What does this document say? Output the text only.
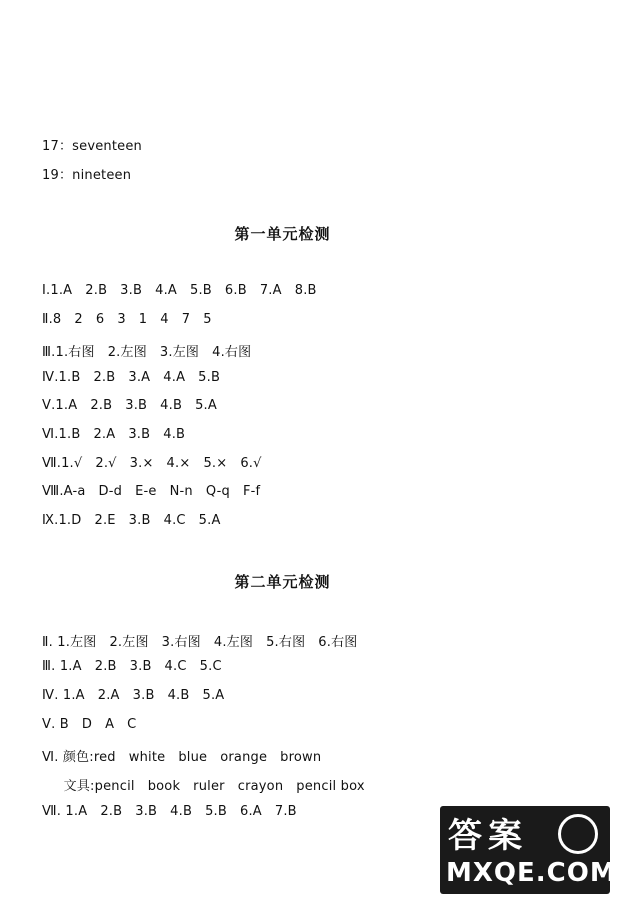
17：seventeen
19：nineteen
第一单元检测
Ⅰ.1.A   2.B   3.B   4.A   5.B   6.B   7.A   8.B
Ⅱ.8   2   6   3   1   4   7   5
Ⅲ.1.右图   2.左图   3.左图   4.右图
Ⅳ.1.B   2.B   3.A   4.A   5.B
Ⅴ.1.A   2.B   3.B   4.B   5.A
Ⅵ.1.B   2.A   3.B   4.B
Ⅶ.1.√   2.√   3.×   4.×   5.×   6.√
Ⅷ.A-a   D-d   E-e   N-n   Q-q   F-f
Ⅸ.1.D   2.E   3.B   4.C   5.A
第二单元检测
Ⅱ. 1.左图   2.左图   3.右图   4.左图   5.右图   6.右图
Ⅲ. 1.A   2.B   3.B   4.C   5.C
Ⅳ. 1.A   2.A   3.B   4.B   5.A
Ⅴ. B   D   A   C
Ⅵ. 颜色:red   white   blue   orange   brown
文具:pencil   book   ruler   crayon   pencil box
Ⅶ. 1.A   2.B   3.B   4.B   5.B   6.A   7.B
答案
MXQE.COM
